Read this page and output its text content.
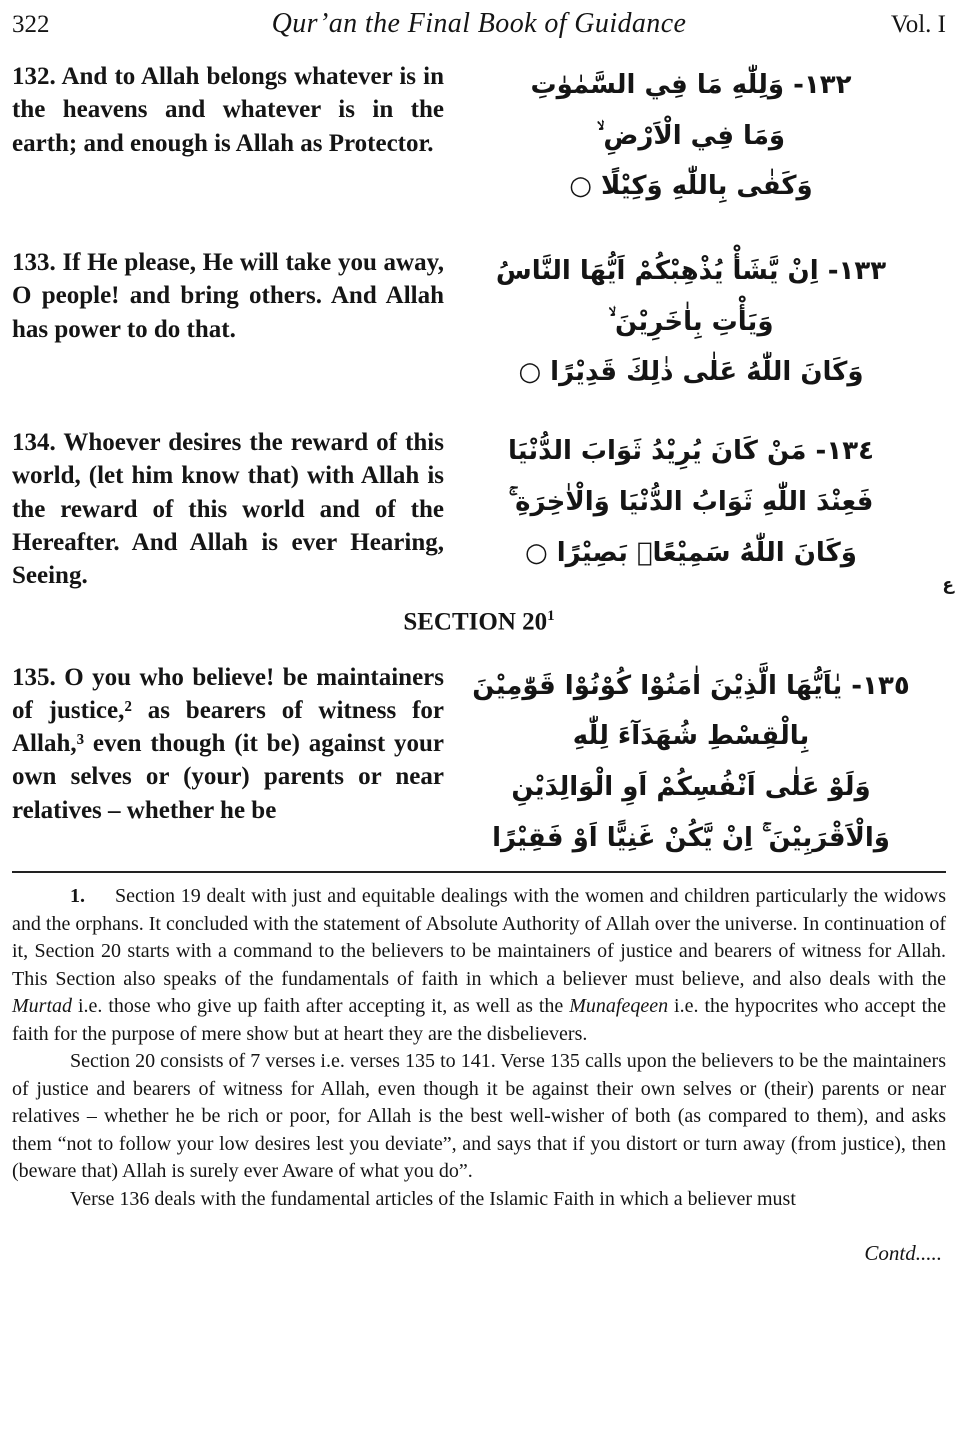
322	Qur’an the Final Book of Guidance	Vol. I
132. And to Allah belongs whatever is in the heavens and whatever is in the earth; and enough is Allah as Protector.
١٣٢- وَلِلّٰهِ مَا فِي السَّمٰوٰتِ
وَمَا فِي الْاَرْضِ ۙ
وَكَفٰى بِاللّٰهِ وَكِيْلًا ○
133. If He please, He will take you away, O people! and bring others. And Allah has power to do that.
١٣٣- اِنْ يَّشَأْ يُذْهِبْكُمْ اَيُّهَا النَّاسُ
وَيَأْتِ بِاٰخَرِيْنَ ۙ
وَكَانَ اللّٰهُ عَلٰى ذٰلِكَ قَدِيْرًا ○
134. Whoever desires the reward of this world, (let him know that) with Allah is the reward of this world and of the Hereafter. And Allah is ever Hearing, Seeing.
١٣٤- مَنْ كَانَ يُرِيْدُ ثَوَابَ الدُّنْيَا
فَعِنْدَ اللّٰهِ ثَوَابُ الدُّنْيَا وَالْاٰخِرَةِ ۚ
وَكَانَ اللّٰهُ سَمِيْعًاۢ بَصِيْرًا ○
SECTION $20^1$
135. O you who believe! be maintainers of justice,² as bearers of witness for Allah,³ even though (it be) against your own selves or (your) parents or near relatives – whether he be
١٣٥- يٰاَيُّهَا الَّذِيْنَ اٰمَنُوْا كُوْنُوْا قَوّٰمِيْنَ
بِالْقِسْطِ شُهَدَآءَ لِلّٰهِ
وَلَوْ عَلٰى اَنْفُسِكُمْ اَوِ الْوَالِدَيْنِ
وَالْاَقْرَبِيْنَ ۚ اِنْ يَّكُنْ غَنِيًّا اَوْ فَقِيْرًا
ع

1. Section 19 dealt with just and equitable dealings with the women and children particularly the widows and the orphans. It concluded with the statement of Absolute Authority of Allah over the universe. In continuation of it, Section 20 starts with a command to the believers to be maintainers of justice and bearers of witness for Allah. This Section also speaks of the fundamentals of faith in which a believer must believe, and also deals with the Murtad i.e. those who give up faith after accepting it, as well as the Munafeqeen i.e. the hypocrites who accept the faith for the purpose of mere show but at heart they are the disbelievers.

Section 20 consists of 7 verses i.e. verses 135 to 141. Verse 135 calls upon the believers to be the maintainers of justice and bearers of witness for Allah, even though it be against their own selves or (their) parents or near relatives – whether he be rich or poor, for Allah is the best well-wisher of both (as compared to them), and asks them “not to follow your low desires lest you deviate”, and says that if you distort or turn away (from justice), then (beware that) Allah is surely ever Aware of what you do”.

Verse 136 deals with the fundamental articles of the Islamic Faith in which a believer must

Contd.....
